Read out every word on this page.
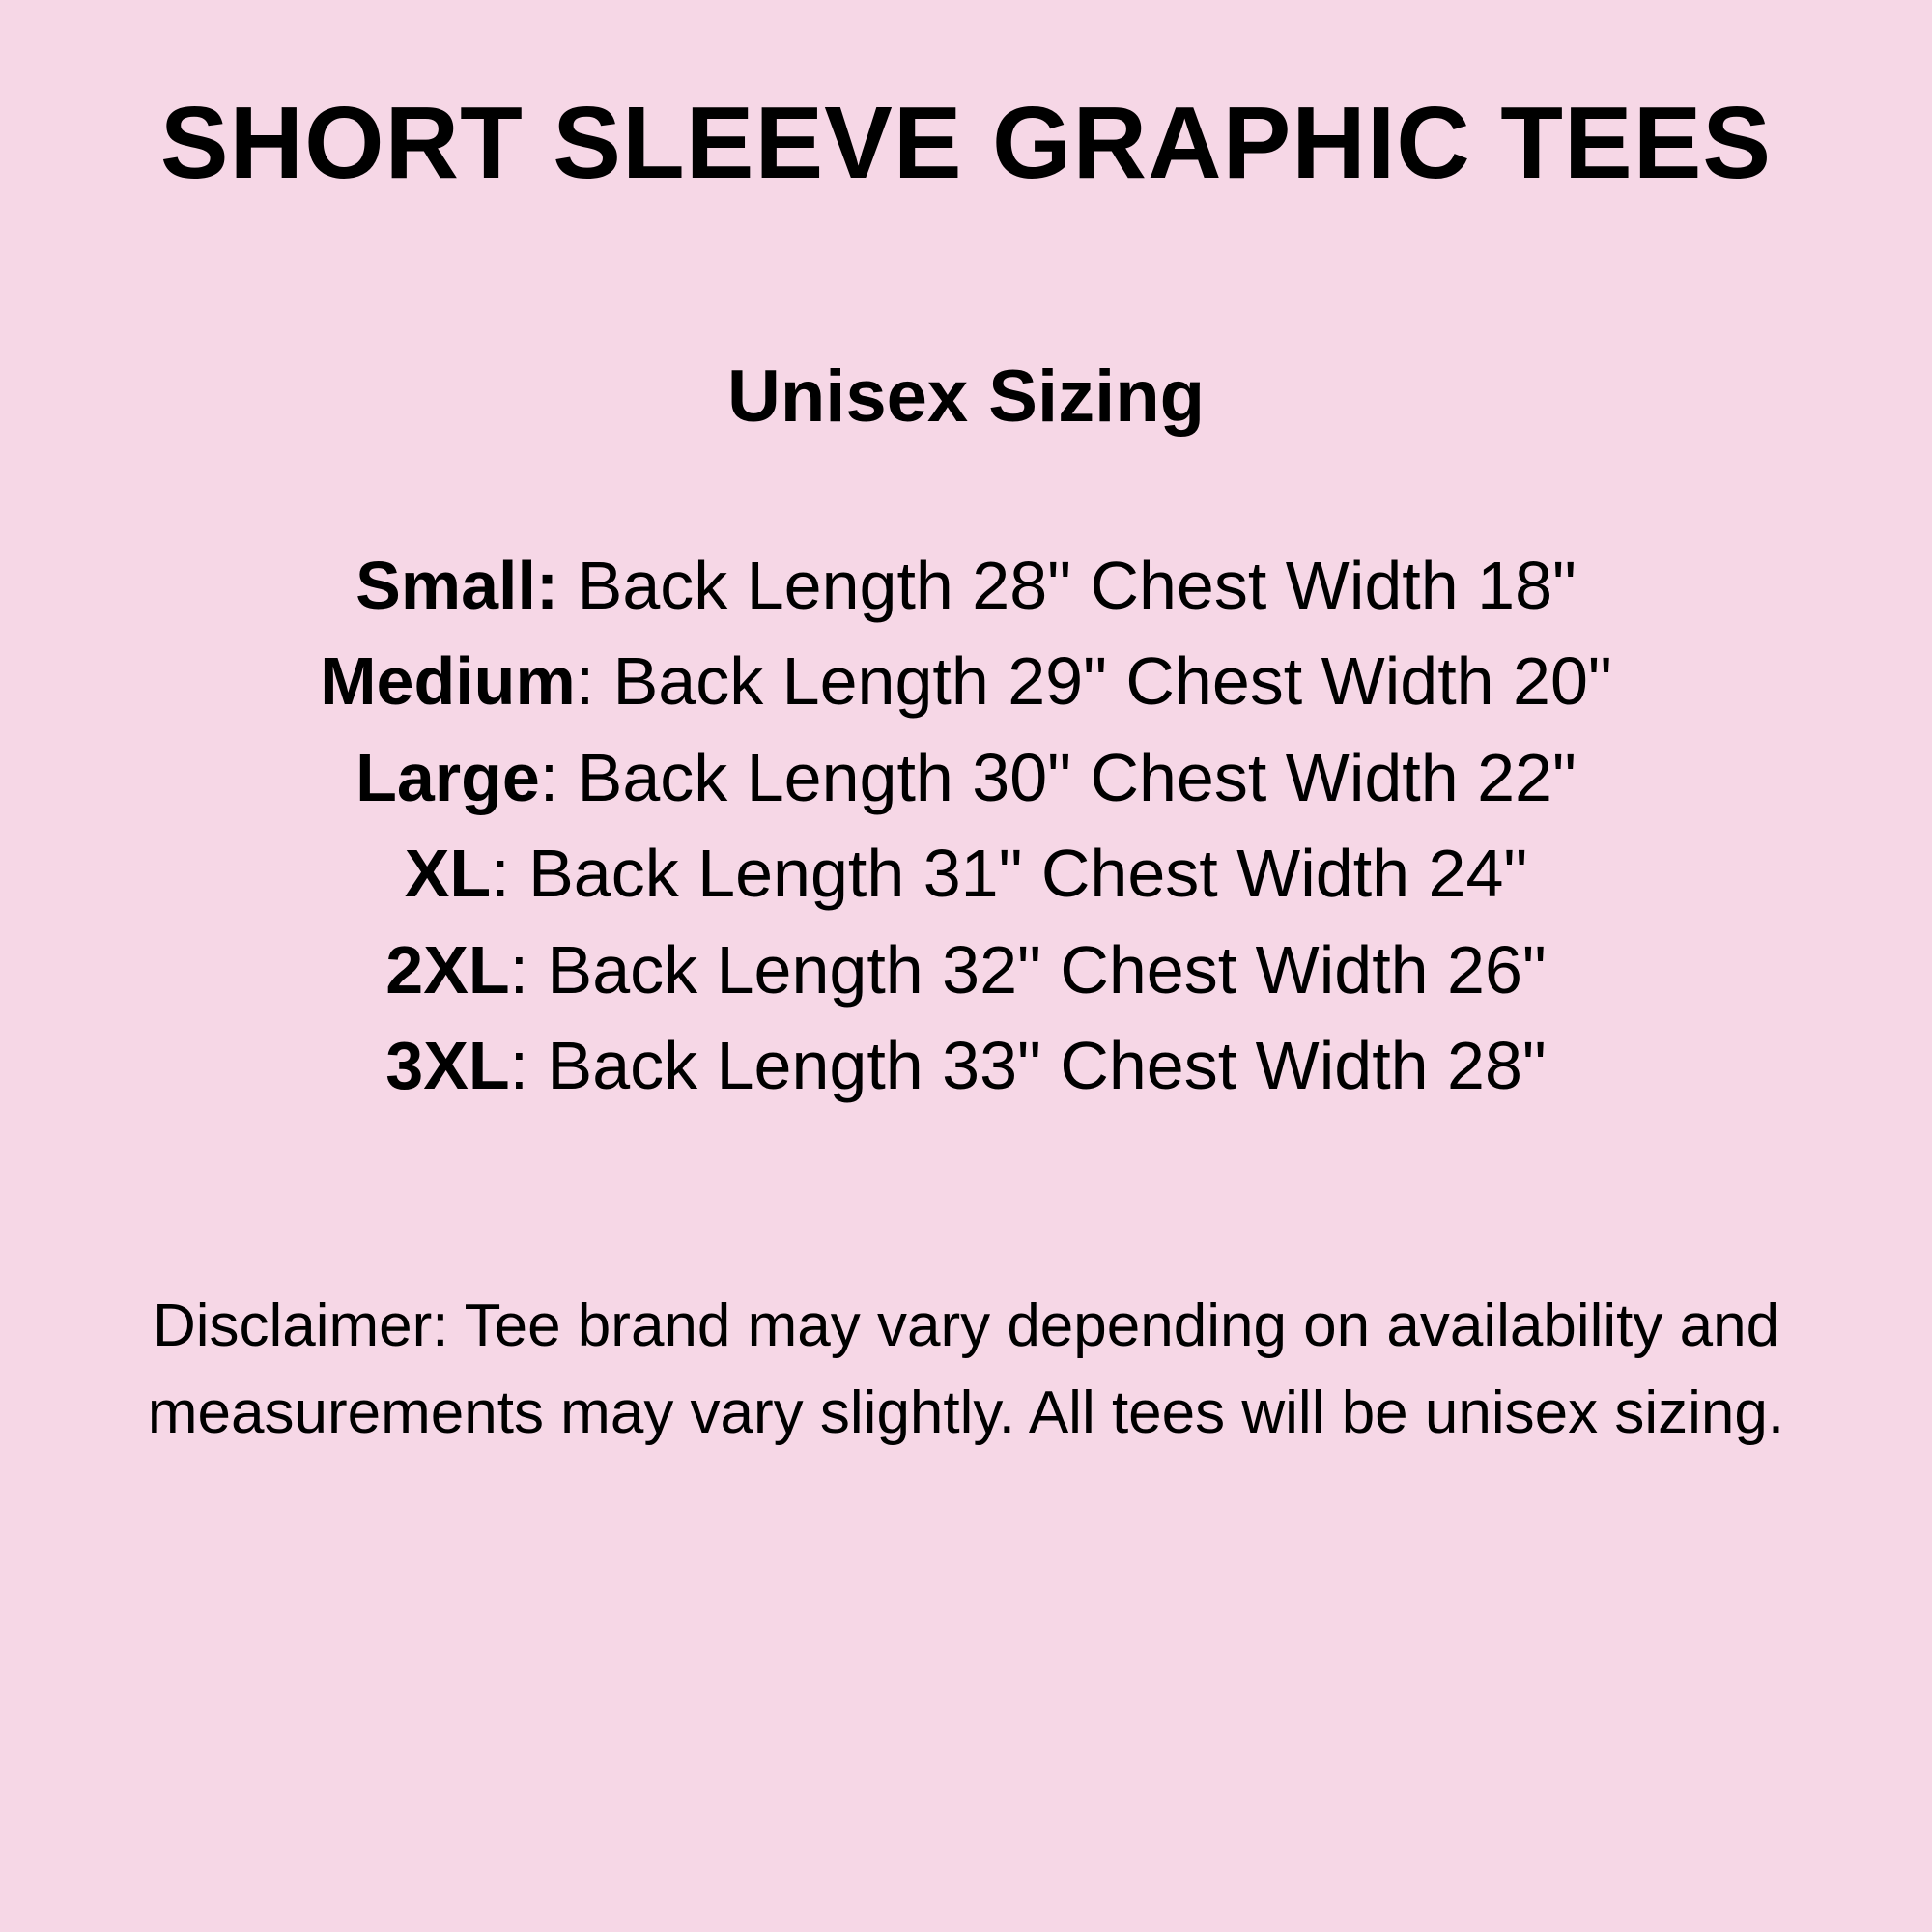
SHORT SLEEVE GRAPHIC TEES
Unisex Sizing
Small: Back Length 28" Chest Width 18"
Medium: Back Length 29" Chest Width 20"
Large: Back Length 30" Chest Width 22"
XL: Back Length 31" Chest Width 24"
2XL: Back Length 32" Chest Width 26"
3XL: Back Length 33" Chest Width 28"

Disclaimer: Tee brand may vary depending on availability and measurements may vary slightly. All tees will be unisex sizing.
